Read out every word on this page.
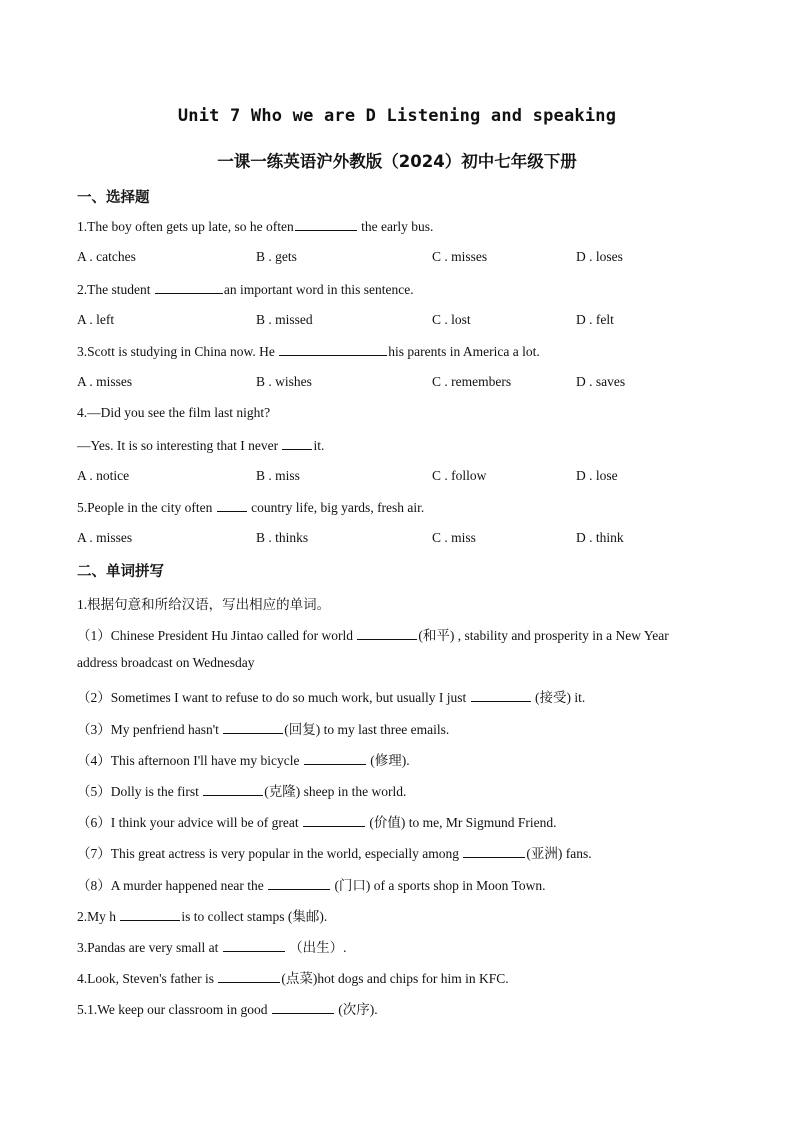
Unit 7 Who we are D Listening and speaking
一课一练英语沪外教版（2024）初中七年级下册
一、选择题
1.The boy often gets up late, so he often	the early bus.
A . catches	B . gets	C . misses	D . loses
2.The student	an important word in this sentence.
A . left	B . missed	C . lost	D . felt
3.Scott is studying in China now. He	his parents in America a lot.
A . misses	B . wishes	C . remembers	D . saves
4.—Did you see the film last night?
—Yes. It is so interesting that I never it.
A . notice	B . miss	C . follow	D . lose
5.People in the city often  country life, big yards, fresh air.
A . misses	B . thinks	C . miss	D . think
二、单词拼写
1.根据句意和所给汉语，写出相应的单词。
（1）Chinese President Hu Jintao called for world	(和平) , stability and prosperity in a New Year
address broadcast on Wednesday
（2）Sometimes I want to refuse to do so much work, but usually I just	(接受) it.
（3）My penfriend hasn't	(回复) to my last three emails.
（4）This afternoon I'll have my bicycle	(修理).
（5）Dolly is the first	(克隆) sheep in the world.
（6）I think your advice will be of great	(价值) to me, Mr Sigmund Friend.
（7）This great actress is very popular in the world, especially among	(亚洲) fans.
（8）A murder happened near the	(门口) of a sports shop in Moon Town.
2.My h	is to collect stamps (集邮).
3.Pandas are very small at	（出生）.
4.Look, Steven's father is	(点菜)hot dogs and chips for him in KFC.
5.1.We keep our classroom in good	(次序).
